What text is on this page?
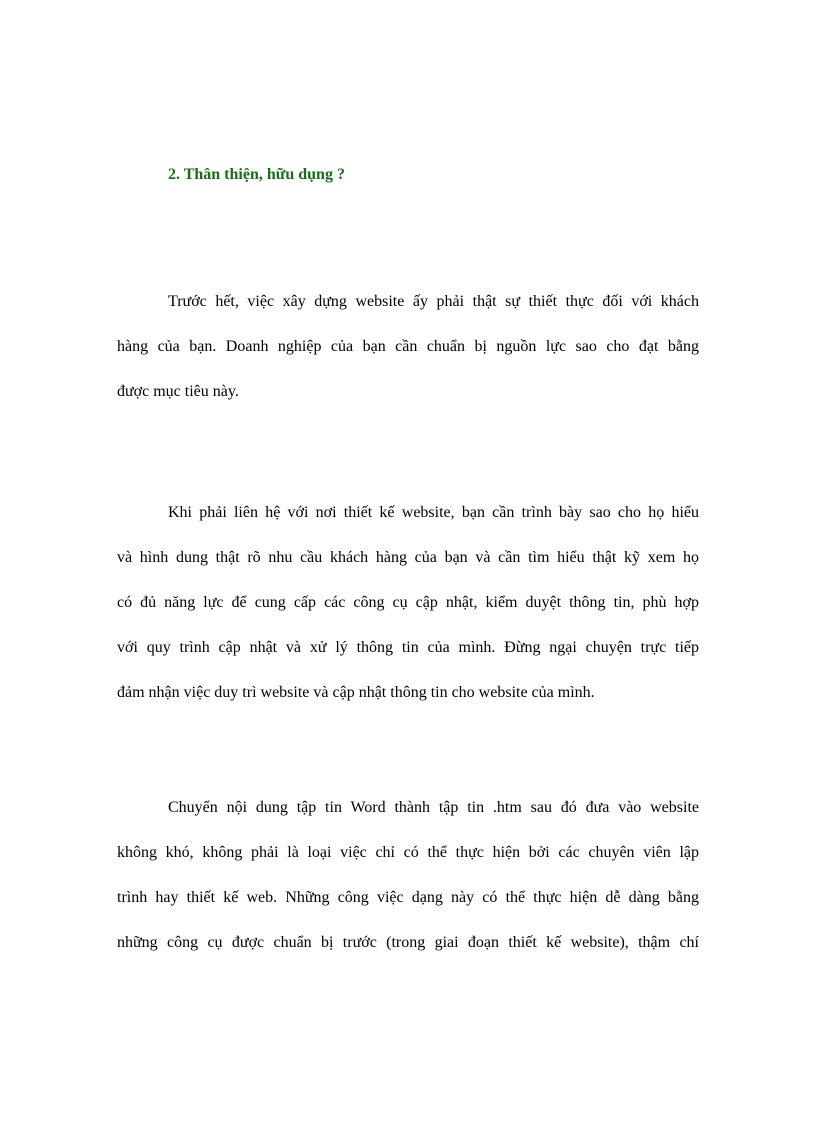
2. Thân thiện, hữu dụng ?
Trước hết, việc xây dựng website ấy phải thật sự thiết thực đối với khách
hàng của bạn. Doanh nghiệp của bạn cần chuẩn bị nguồn lực sao cho đạt bằng
được mục tiêu này.
Khi phải liên hệ với nơi thiết kế website, bạn cần trình bày sao cho họ hiểu
và hình dung thật rõ nhu cầu khách hàng của bạn và cần tìm hiểu thật kỹ xem họ
có đủ năng lực để cung cấp các công cụ cập nhật, kiểm duyệt thông tin, phù hợp
với quy trình cập nhật và xử lý thông tin của mình. Đừng ngại chuyện trực tiếp
đảm nhận việc duy trì website và cập nhật thông tin cho website của mình.
Chuyển nội dung tập tin Word thành tập tin .htm sau đó đưa vào website
không khó, không phải là loại việc chỉ có thể thực hiện bởi các chuyên viên lập
trình hay thiết kế web. Những công việc dạng này có thể thực hiện dễ dàng bằng
những công cụ được chuẩn bị trước (trong giai đoạn thiết kế website), thậm chí
